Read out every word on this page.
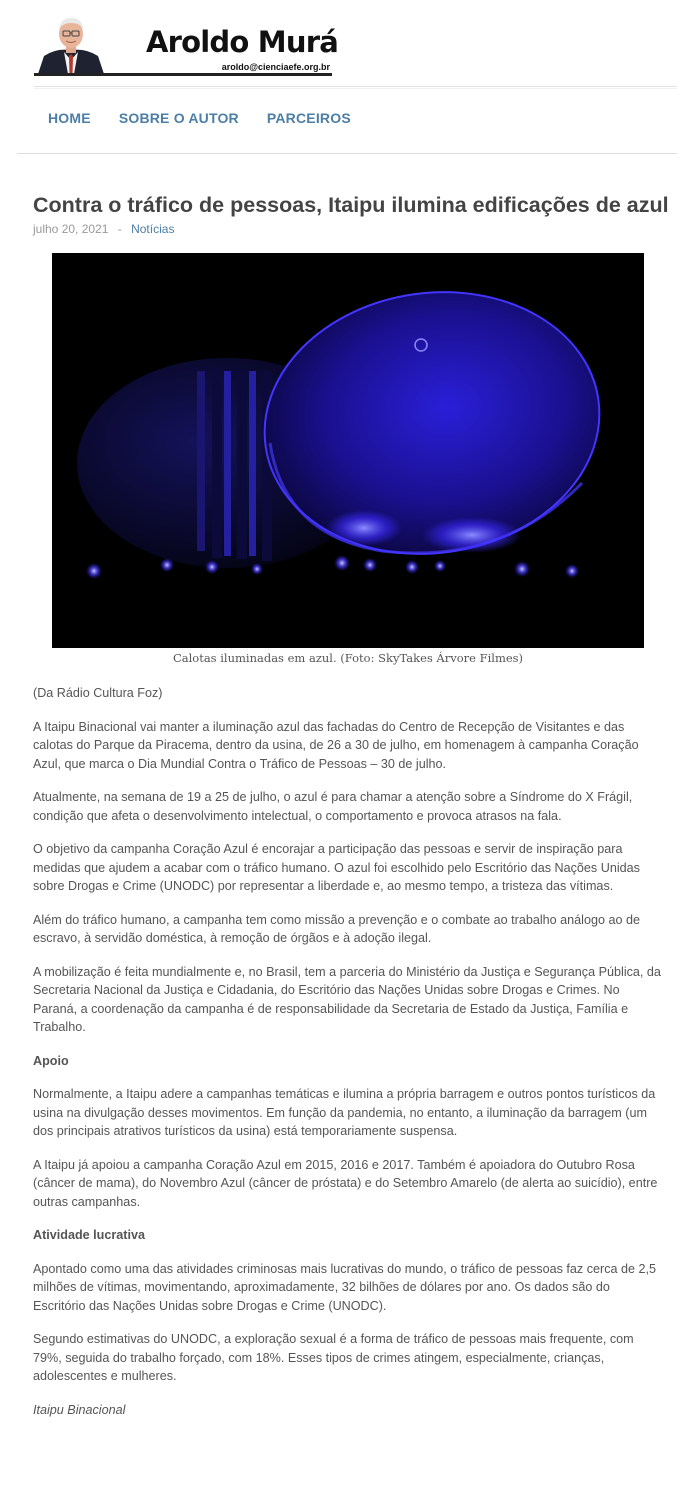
Aroldo Murá
aroldo@cienciaefe.org.br
HOME	SOBRE O AUTOR	PARCEIROS
Contra o tráfico de pessoas, Itaipu ilumina edificações de azul
julho 20, 2021 - Notícias
Calotas iluminadas em azul. (Foto: SkyTakes Árvore Filmes)

(Da Rádio Cultura Foz)

A Itaipu Binacional vai manter a iluminação azul das fachadas do Centro de Recepção de Visitantes e das calotas do Parque da Piracema, dentro da usina, de 26 a 30 de julho, em homenagem à campanha Coração Azul, que marca o Dia Mundial Contra o Tráfico de Pessoas – 30 de julho.

Atualmente, na semana de 19 a 25 de julho, o azul é para chamar a atenção sobre a Síndrome do X Frágil, condição que afeta o desenvolvimento intelectual, o comportamento e provoca atrasos na fala.

O objetivo da campanha Coração Azul é encorajar a participação das pessoas e servir de inspiração para medidas que ajudem a acabar com o tráfico humano. O azul foi escolhido pelo Escritório das Nações Unidas sobre Drogas e Crime (UNODC) por representar a liberdade e, ao mesmo tempo, a tristeza das vítimas.

Além do tráfico humano, a campanha tem como missão a prevenção e o combate ao trabalho análogo ao de escravo, à servidão doméstica, à remoção de órgãos e à adoção ilegal.

A mobilização é feita mundialmente e, no Brasil, tem a parceria do Ministério da Justiça e Segurança Pública, da Secretaria Nacional da Justiça e Cidadania, do Escritório das Nações Unidas sobre Drogas e Crimes. No Paraná, a coordenação da campanha é de responsabilidade da Secretaria de Estado da Justiça, Família e Trabalho.

Apoio

Normalmente, a Itaipu adere a campanhas temáticas e ilumina a própria barragem e outros pontos turísticos da usina na divulgação desses movimentos. Em função da pandemia, no entanto, a iluminação da barragem (um dos principais atrativos turísticos da usina) está temporariamente suspensa.

A Itaipu já apoiou a campanha Coração Azul em 2015, 2016 e 2017. Também é apoiadora do Outubro Rosa (câncer de mama), do Novembro Azul (câncer de próstata) e do Setembro Amarelo (de alerta ao suicídio), entre outras campanhas.

Atividade lucrativa

Apontado como uma das atividades criminosas mais lucrativas do mundo, o tráfico de pessoas faz cerca de 2,5 milhões de vítimas, movimentando, aproximadamente, 32 bilhões de dólares por ano. Os dados são do Escritório das Nações Unidas sobre Drogas e Crime (UNODC).

Segundo estimativas do UNODC, a exploração sexual é a forma de tráfico de pessoas mais frequente, com 79%, seguida do trabalho forçado, com 18%. Esses tipos de crimes atingem, especialmente, crianças, adolescentes e mulheres.

Itaipu Binacional
